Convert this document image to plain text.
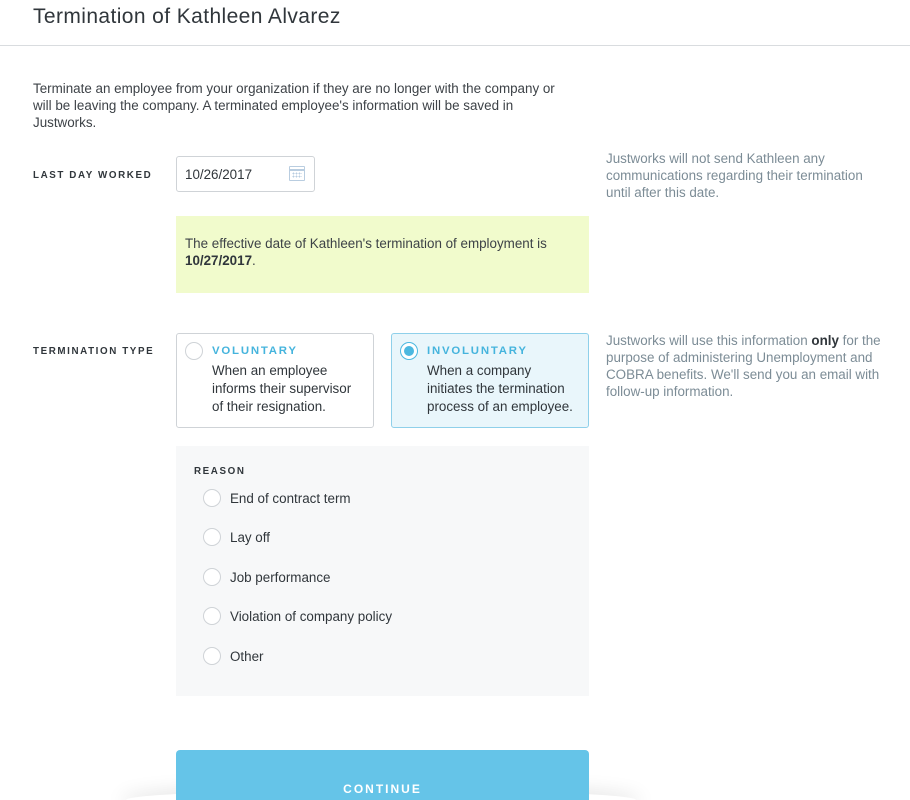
Termination of Kathleen Alvarez

Terminate an employee from your organization if they are no longer with the company or will be leaving the company. A terminated employee's information will be saved in Justworks.

LAST DAY WORKED
10/26/2017

Justworks will not send Kathleen any communications regarding their termination until after this date.

The effective date of Kathleen's termination of employment is 10/27/2017.
TERMINATION TYPE	VOLUNTARY
When an employee informs their supervisor of their resignation.
INVOLUNTARY
When a company initiates the termination process of an employee.

Justworks will use this information only for the purpose of administering Unemployment and COBRA benefits. We'll send you an email with follow-up information.

REASON
End of contract term
Lay off
Job performance
Violation of company policy
Other
CONTINUE
